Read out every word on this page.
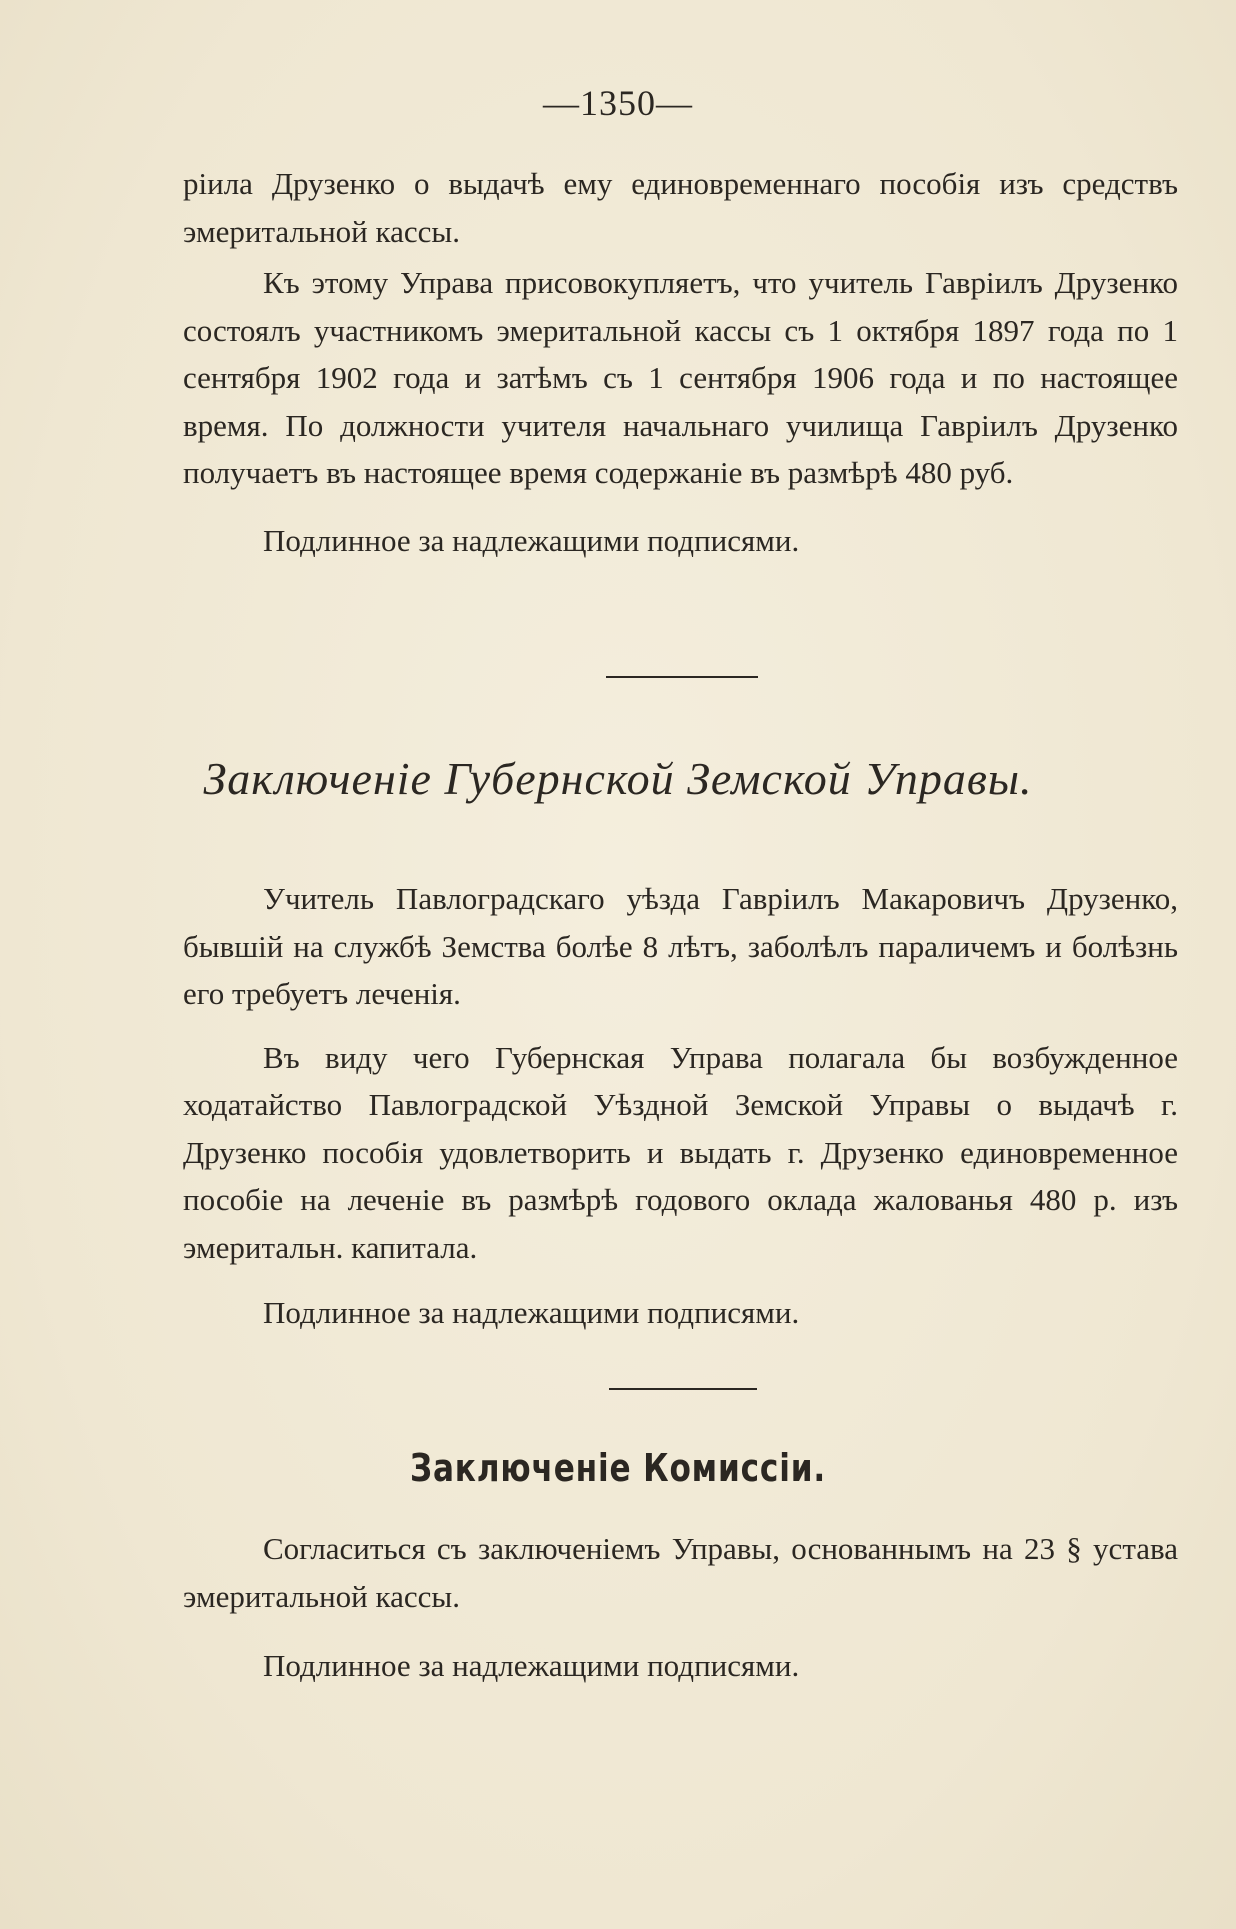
—1350—

ріила Друзенко о выдачѣ ему единовременнаго пособія изъ средствъ эмеритальной кассы.

Къ этому Управа присовокупляетъ, что учитель Гавріилъ Друзенко состоялъ участникомъ эмеритальной кассы съ 1 октября 1897 года по 1 сентября 1902 года и затѣмъ съ 1 сентября 1906 года и по настоящее время. По должности учителя начальнаго училища Гавріилъ Друзенко получаетъ въ настоящее время содержаніе въ размѣрѣ 480 руб.

Подлинное за надлежащими подписями.
Заключеніе Губернской Земской Управы.

Учитель Павлоградскаго уѣзда Гавріилъ Макаровичъ Друзенко, бывшій на службѣ Земства болѣе 8 лѣтъ, заболѣлъ параличемъ и болѣзнь его требуетъ леченія.

Въ виду чего Губернская Управа полагала бы возбужденное ходатайство Павлоградской Уѣздной Земской Управы о выдачѣ г. Друзенко пособія удовлетворить и выдать г. Друзенко единовременное пособіе на леченіе въ размѣрѣ годового оклада жалованья 480 р. изъ эмеритальн. капитала.

Подлинное за надлежащими подписями.
Заключеніе Комиссіи.

Согласиться съ заключеніемъ Управы, основаннымъ на 23 § устава эмеритальной кассы.

Подлинное за надлежащими подписями.
